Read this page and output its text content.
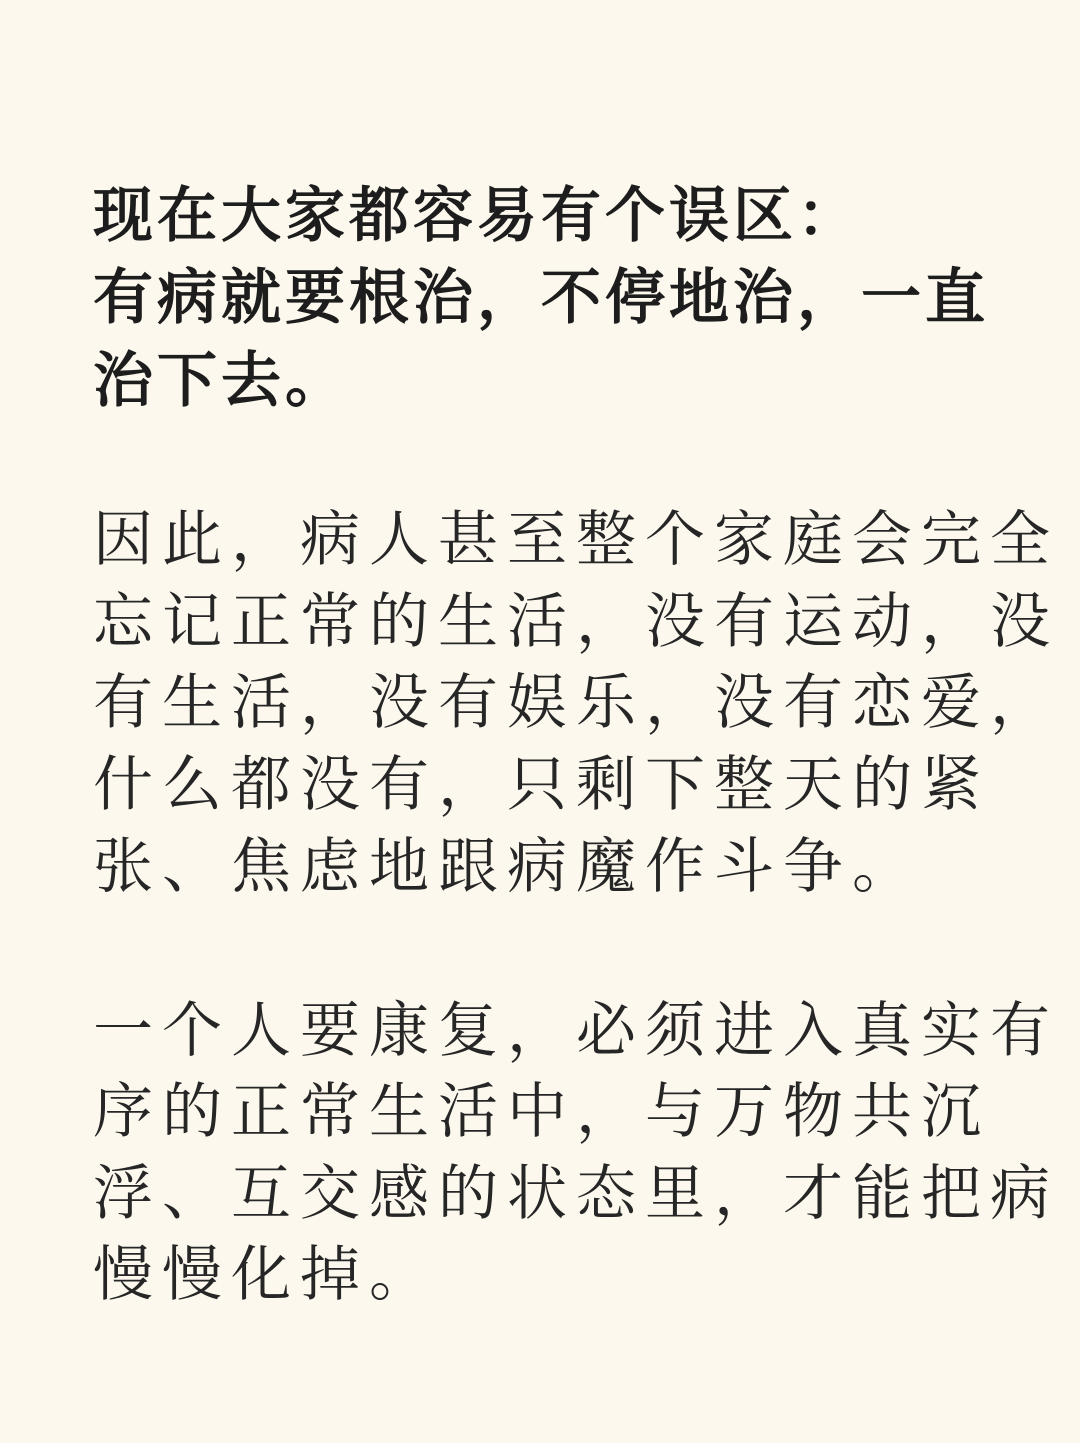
现在大家都容易有个误区：
有病就要根治，不停地治，一直
治下去。
因此，病人甚至整个家庭会完全
忘记正常的生活，没有运动，没
有生活，没有娱乐，没有恋爱，
什么都没有，只剩下整天的紧
张、焦虑地跟病魔作斗争。
一个人要康复，必须进入真实有
序的正常生活中，与万物共沉
浮、互交感的状态里，才能把病
慢慢化掉。
